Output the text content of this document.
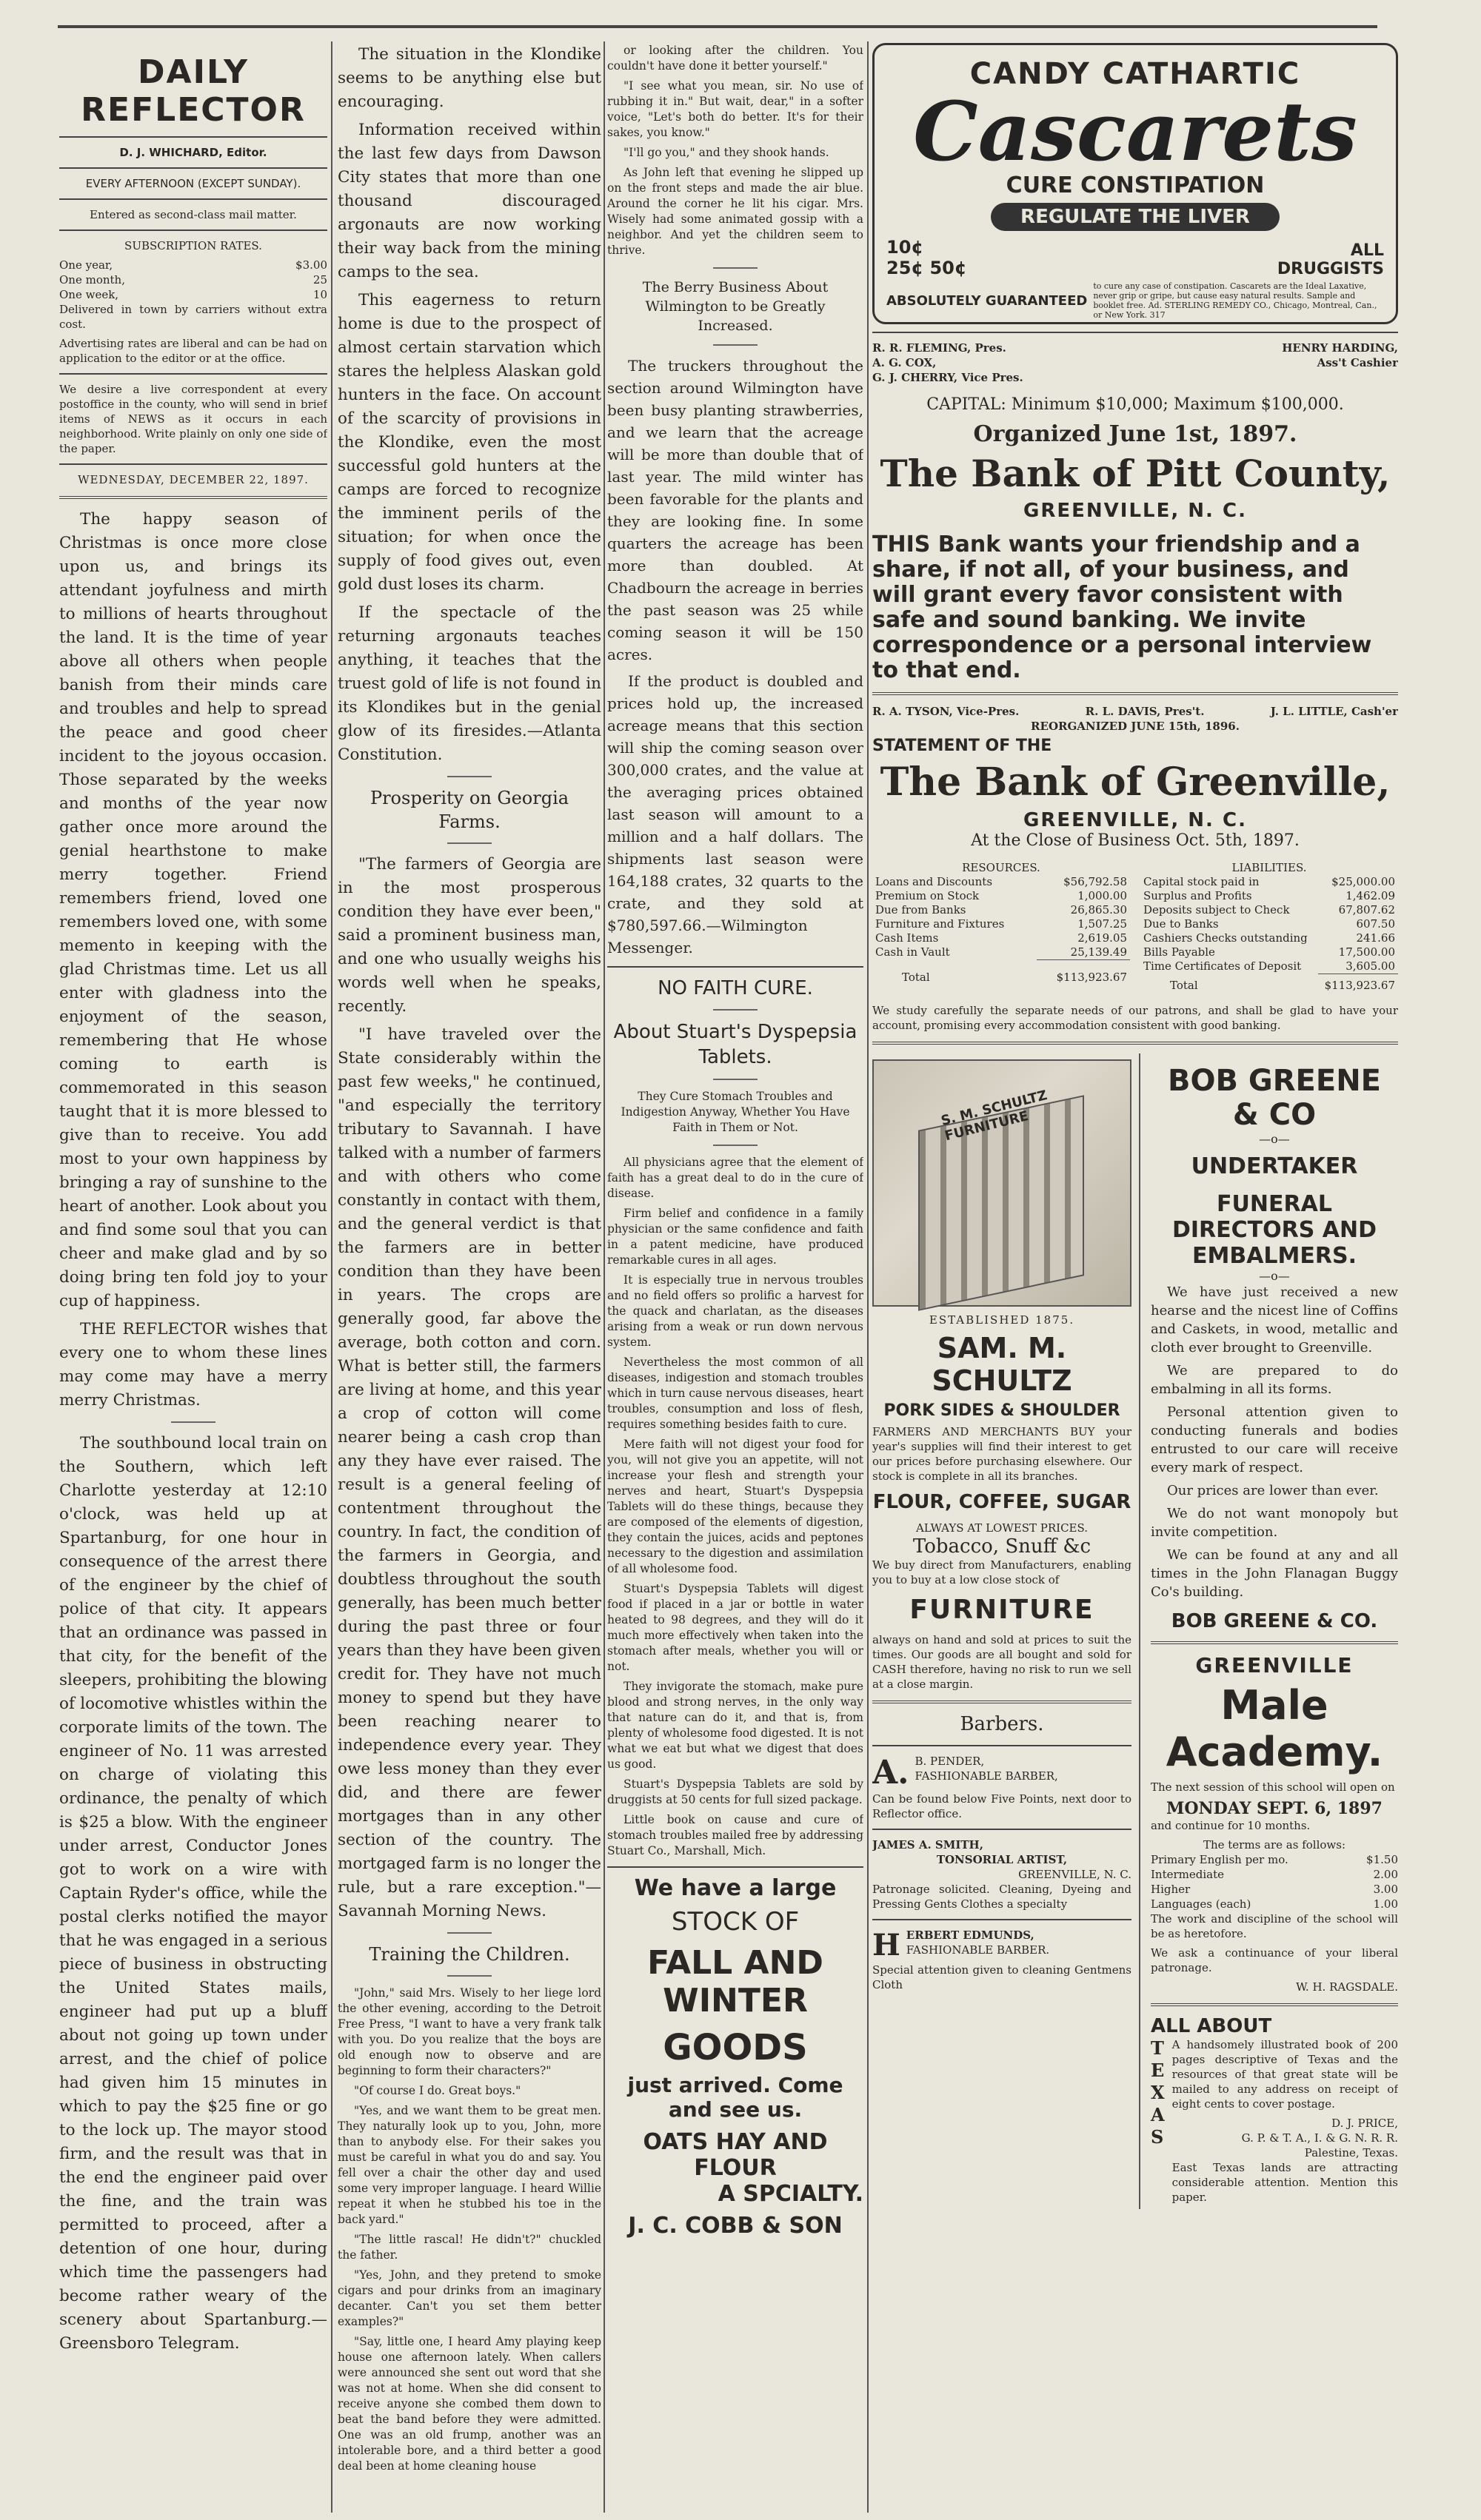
DAILY REFLECTOR

D. J. WHICHARD, Editor.

EVERY AFTERNOON (EXCEPT SUNDAY).

Entered as second-class mail matter.

SUBSCRIPTION RATES.

One year,	$3.00
One month,	25
One week,	10

Delivered in town by carriers without extra cost.

Advertising rates are liberal and can be had on application to the editor or at the office.

We desire a live correspondent at every postoffice in the county, who will send in brief items of NEWS as it occurs in each neighborhood. Write plainly on only one side of the paper.

WEDNESDAY, DECEMBER 22, 1897.

The happy season of Christmas is once more close upon us, and brings its attendant joyfulness and mirth to millions of hearts throughout the land. It is the time of year above all others when people banish from their minds care and troubles and help to spread the peace and good cheer incident to the joyous occasion. Those separated by the weeks and months of the year now gather once more around the genial hearthstone to make merry together. Friend remembers friend, loved one remembers loved one, with some memento in keeping with the glad Christmas time. Let us all enter with gladness into the enjoyment of the season, remembering that He whose coming to earth is commemorated in this season taught that it is more blessed to give than to receive. You add most to your own happiness by bringing a ray of sunshine to the heart of another. Look about you and find some soul that you can cheer and make glad and by so doing bring ten fold joy to your cup of happiness.

THE REFLECTOR wishes that every one to whom these lines may come may have a merry merry Christmas.

The southbound local train on the Southern, which left Charlotte yesterday at 12:10 o'clock, was held up at Spartanburg, for one hour in consequence of the arrest there of the engineer by the chief of police of that city. It appears that an ordinance was passed in that city, for the benefit of the sleepers, prohibiting the blowing of locomotive whistles within the corporate limits of the town. The engineer of No. 11 was arrested on charge of violating this ordinance, the penalty of which is $25 a blow. With the engineer under arrest, Conductor Jones got to work on a wire with Captain Ryder's office, while the postal clerks notified the mayor that he was engaged in a serious piece of business in obstructing the United States mails, engineer had put up a bluff about not going up town under arrest, and the chief of police had given him 15 minutes in which to pay the $25 fine or go to the lock up. The mayor stood firm, and the result was that in the end the engineer paid over the fine, and the train was permitted to proceed, after a detention of one hour, during which time the passengers had become rather weary of the scenery about Spartanburg.—Greensboro Telegram.

The situation in the Klondike seems to be anything else but encouraging.

Information received within the last few days from Dawson City states that more than one thousand discouraged argonauts are now working their way back from the mining camps to the sea.

This eagerness to return home is due to the prospect of almost certain starvation which stares the helpless Alaskan gold hunters in the face. On account of the scarcity of provisions in the Klondike, even the most successful gold hunters at the camps are forced to recognize the imminent perils of the situation; for when once the supply of food gives out, even gold dust loses its charm.

If the spectacle of the returning argonauts teaches anything, it teaches that the truest gold of life is not found in its Klondikes but in the genial glow of its firesides.—Atlanta Constitution.

Prosperity on Georgia Farms.

"The farmers of Georgia are in the most prosperous condition they have ever been," said a prominent business man, and one who usually weighs his words well when he speaks, recently.

"I have traveled over the State considerably within the past few weeks," he continued, "and especially the territory tributary to Savannah. I have talked with a number of farmers and with others who come constantly in contact with them, and the general verdict is that the farmers are in better condition than they have been in years. The crops are generally good, far above the average, both cotton and corn. What is better still, the farmers are living at home, and this year a crop of cotton will come nearer being a cash crop than any they have ever raised. The result is a general feeling of contentment throughout the country. In fact, the condition of the farmers in Georgia, and doubtless throughout the south generally, has been much better during the past three or four years than they have been given credit for. They have not much money to spend but they have been reaching nearer to independence every year. They owe less money than they ever did, and there are fewer mortgages than in any other section of the country. The mortgaged farm is no longer the rule, but a rare exception."—Savannah Morning News.

Training the Children.

"John," said Mrs. Wisely to her liege lord the other evening, according to the Detroit Free Press, "I want to have a very frank talk with you. Do you realize that the boys are old enough now to observe and are beginning to form their characters?"

"Of course I do. Great boys."

"Yes, and we want them to be great men. They naturally look up to you, John, more than to anybody else. For their sakes you must be careful in what you do and say. You fell over a chair the other day and used some very improper language. I heard Willie repeat it when he stubbed his toe in the back yard."

"The little rascal! He didn't?" chuckled the father.

"Yes, John, and they pretend to smoke cigars and pour drinks from an imaginary decanter. Can't you set them better examples?"

"Say, little one, I heard Amy playing keep house one afternoon lately. When callers were announced she sent out word that she was not at home. When she did consent to receive anyone she combed them down to beat the band before they were admitted. One was an old frump, another was an intolerable bore, and a third better a good deal been at home cleaning house

or looking after the children. You couldn't have done it better yourself."

"I see what you mean, sir. No use of rubbing it in." But wait, dear," in a softer voice, "Let's both do better. It's for their sakes, you know."

"I'll go you," and they shook hands.

As John left that evening he slipped up on the front steps and made the air blue. Around the corner he lit his cigar. Mrs. Wisely had some animated gossip with a neighbor. And yet the children seem to thrive.

The Berry Business About Wilmington to be Greatly Increased.

The truckers throughout the section around Wilmington have been busy planting strawberries, and we learn that the acreage will be more than double that of last year. The mild winter has been favorable for the plants and they are looking fine. In some quarters the acreage has been more than doubled. At Chadbourn the acreage in berries the past season was 25 while coming season it will be 150 acres.

If the product is doubled and prices hold up, the increased acreage means that this section will ship the coming season over 300,000 crates, and the value at the averaging prices obtained last season will amount to a million and a half dollars. The shipments last season were 164,188 crates, 32 quarts to the crate, and they sold at $780,597.66.—Wilmington Messenger.

NO FAITH CURE.
About Stuart's Dyspepsia Tablets.

They Cure Stomach Troubles and Indigestion Anyway, Whether You Have Faith in Them or Not.

All physicians agree that the element of faith has a great deal to do in the cure of disease.

Firm belief and confidence in a family physician or the same confidence and faith in a patent medicine, have produced remarkable cures in all ages.

It is especially true in nervous troubles and no field offers so prolific a harvest for the quack and charlatan, as the diseases arising from a weak or run down nervous system.

Nevertheless the most common of all diseases, indigestion and stomach troubles which in turn cause nervous diseases, heart troubles, consumption and loss of flesh, requires something besides faith to cure.

Mere faith will not digest your food for you, will not give you an appetite, will not increase your flesh and strength your nerves and heart, Stuart's Dyspepsia Tablets will do these things, because they are composed of the elements of digestion, they contain the juices, acids and peptones necessary to the digestion and assimilation of all wholesome food.

Stuart's Dyspepsia Tablets will digest food if placed in a jar or bottle in water heated to 98 degrees, and they will do it much more effectively when taken into the stomach after meals, whether you will or not.

They invigorate the stomach, make pure blood and strong nerves, in the only way that nature can do it, and that is, from plenty of wholesome food digested. It is not what we eat but what we digest that does us good.

Stuart's Dyspepsia Tablets are sold by druggists at 50 cents for full sized package.

Little book on cause and cure of stomach troubles mailed free by addressing Stuart Co., Marshall, Mich.

We have a large
STOCK OF
FALL AND WINTER
GOODS
just arrived. Come and see us.
OATS HAY AND FLOUR
A SPCIALTY.
J. C. COBB & SON
CANDY CATHARTIC
Cascarets
CURE CONSTIPATION
REGULATE THE LIVER
10¢
25¢ 50¢
ALL
DRUGGISTS
ABSOLUTELY GUARANTEED
to cure any case of constipation. Cascarets are the Ideal Laxative, never grip or gripe, but cause easy natural results. Sample and booklet free. Ad. STERLING REMEDY CO., Chicago, Montreal, Can., or New York. 317
R. R. FLEMING, Pres.
A. G. COX,
G. J. CHERRY, Vice Pres.
HENRY HARDING,
Ass't Cashier
CAPITAL: Minimum $10,000; Maximum $100,000.
Organized June 1st, 1897.
The Bank of Pitt County,
GREENVILLE, N. C.
THIS Bank wants your friendship and a share, if not all, of your business, and will grant every favor consistent with safe and sound banking. We invite correspondence or a personal interview to that end.
R. A. TYSON, Vice-Pres.	R. L. DAVIS, Pres't.	J. L. LITTLE, Cash'er
REORGANIZED JUNE 15th, 1896.
STATEMENT OF THE
The Bank of Greenville,
GREENVILLE, N. C.
At the Close of Business Oct. 5th, 1897.
RESOURCES.
Loans and Discounts	$56,792.58
Premium on Stock	1,000.00
Due from Banks	26,865.30
Furniture and Fixtures	1,507.25
Cash Items	2,619.05
Cash in Vault	25,139.49
Total	$113,923.67
LIABILITIES.
Capital stock paid in	$25,000.00
Surplus and Profits	1,462.09
Deposits subject to Check	67,807.62
Due to Banks	607.50
Cashiers Checks outstanding	241.66
Bills Payable	17,500.00
Time Certificates of Deposit	3,605.00
Total	$113,923.67

We study carefully the separate needs of our patrons, and shall be glad to have your account, promising every accommodation consistent with good banking.

S. M. SCHULTZ FURNITURE
ESTABLISHED 1875.
SAM. M. SCHULTZ
PORK SIDES & SHOULDER

FARMERS AND MERCHANTS BUY your year's supplies will find their interest to get our prices before purchasing elsewhere. Our stock is complete in all its branches.

FLOUR, COFFEE, SUGAR
ALWAYS AT LOWEST PRICES.
Tobacco, Snuff &c

We buy direct from Manufacturers, enabling you to buy at a low close stock of

FURNITURE

always on hand and sold at prices to suit the times. Our goods are all bought and sold for CASH therefore, having no risk to run we sell at a close margin.

Barbers.
A. B. PENDER,
FASHIONABLE BARBER,

Can be found below Five Points, next door to Reflector office.

JAMES A. SMITH,
TONSORIAL ARTIST,
GREENVILLE, N. C.

Patronage solicited. Cleaning, Dyeing and Pressing Gents Clothes a specialty

H ERBERT EDMUNDS,
FASHIONABLE BARBER.

Special attention given to cleaning Gentmens Cloth

BOB GREENE & CO
—o—
UNDERTAKER
FUNERAL DIRECTORS AND
EMBALMERS.
—o—

We have just received a new hearse and the nicest line of Coffins and Caskets, in wood, metallic and cloth ever brought to Greenville.

We are prepared to do embalming in all its forms.

Personal attention given to conducting funerals and bodies entrusted to our care will receive every mark of respect.

Our prices are lower than ever.

We do not want monopoly but invite competition.

We can be found at any and all times in the John Flanagan Buggy Co's building.

BOB GREENE & CO.
GREENVILLE
Male Academy.

The next session of this school will open on

MONDAY SEPT. 6, 1897

and continue for 10 months.

The terms are as follows:
Primary English per mo.	$1.50
Intermediate	2.00
Higher	3.00
Languages (each)	1.00

The work and discipline of the school will be as heretofore.

We ask a continuance of your liberal patronage.

W. H. RAGSDALE.
ALL ABOUT
T
E
X
A
S

A handsomely illustrated book of 200 pages descriptive of Texas and the resources of that great state will be mailed to any address on receipt of eight cents to cover postage.

D. J. PRICE,
G. P. & T. A., I. & G. N. R. R.
Palestine, Texas.

East Texas lands are attracting considerable attention. Mention this paper.
